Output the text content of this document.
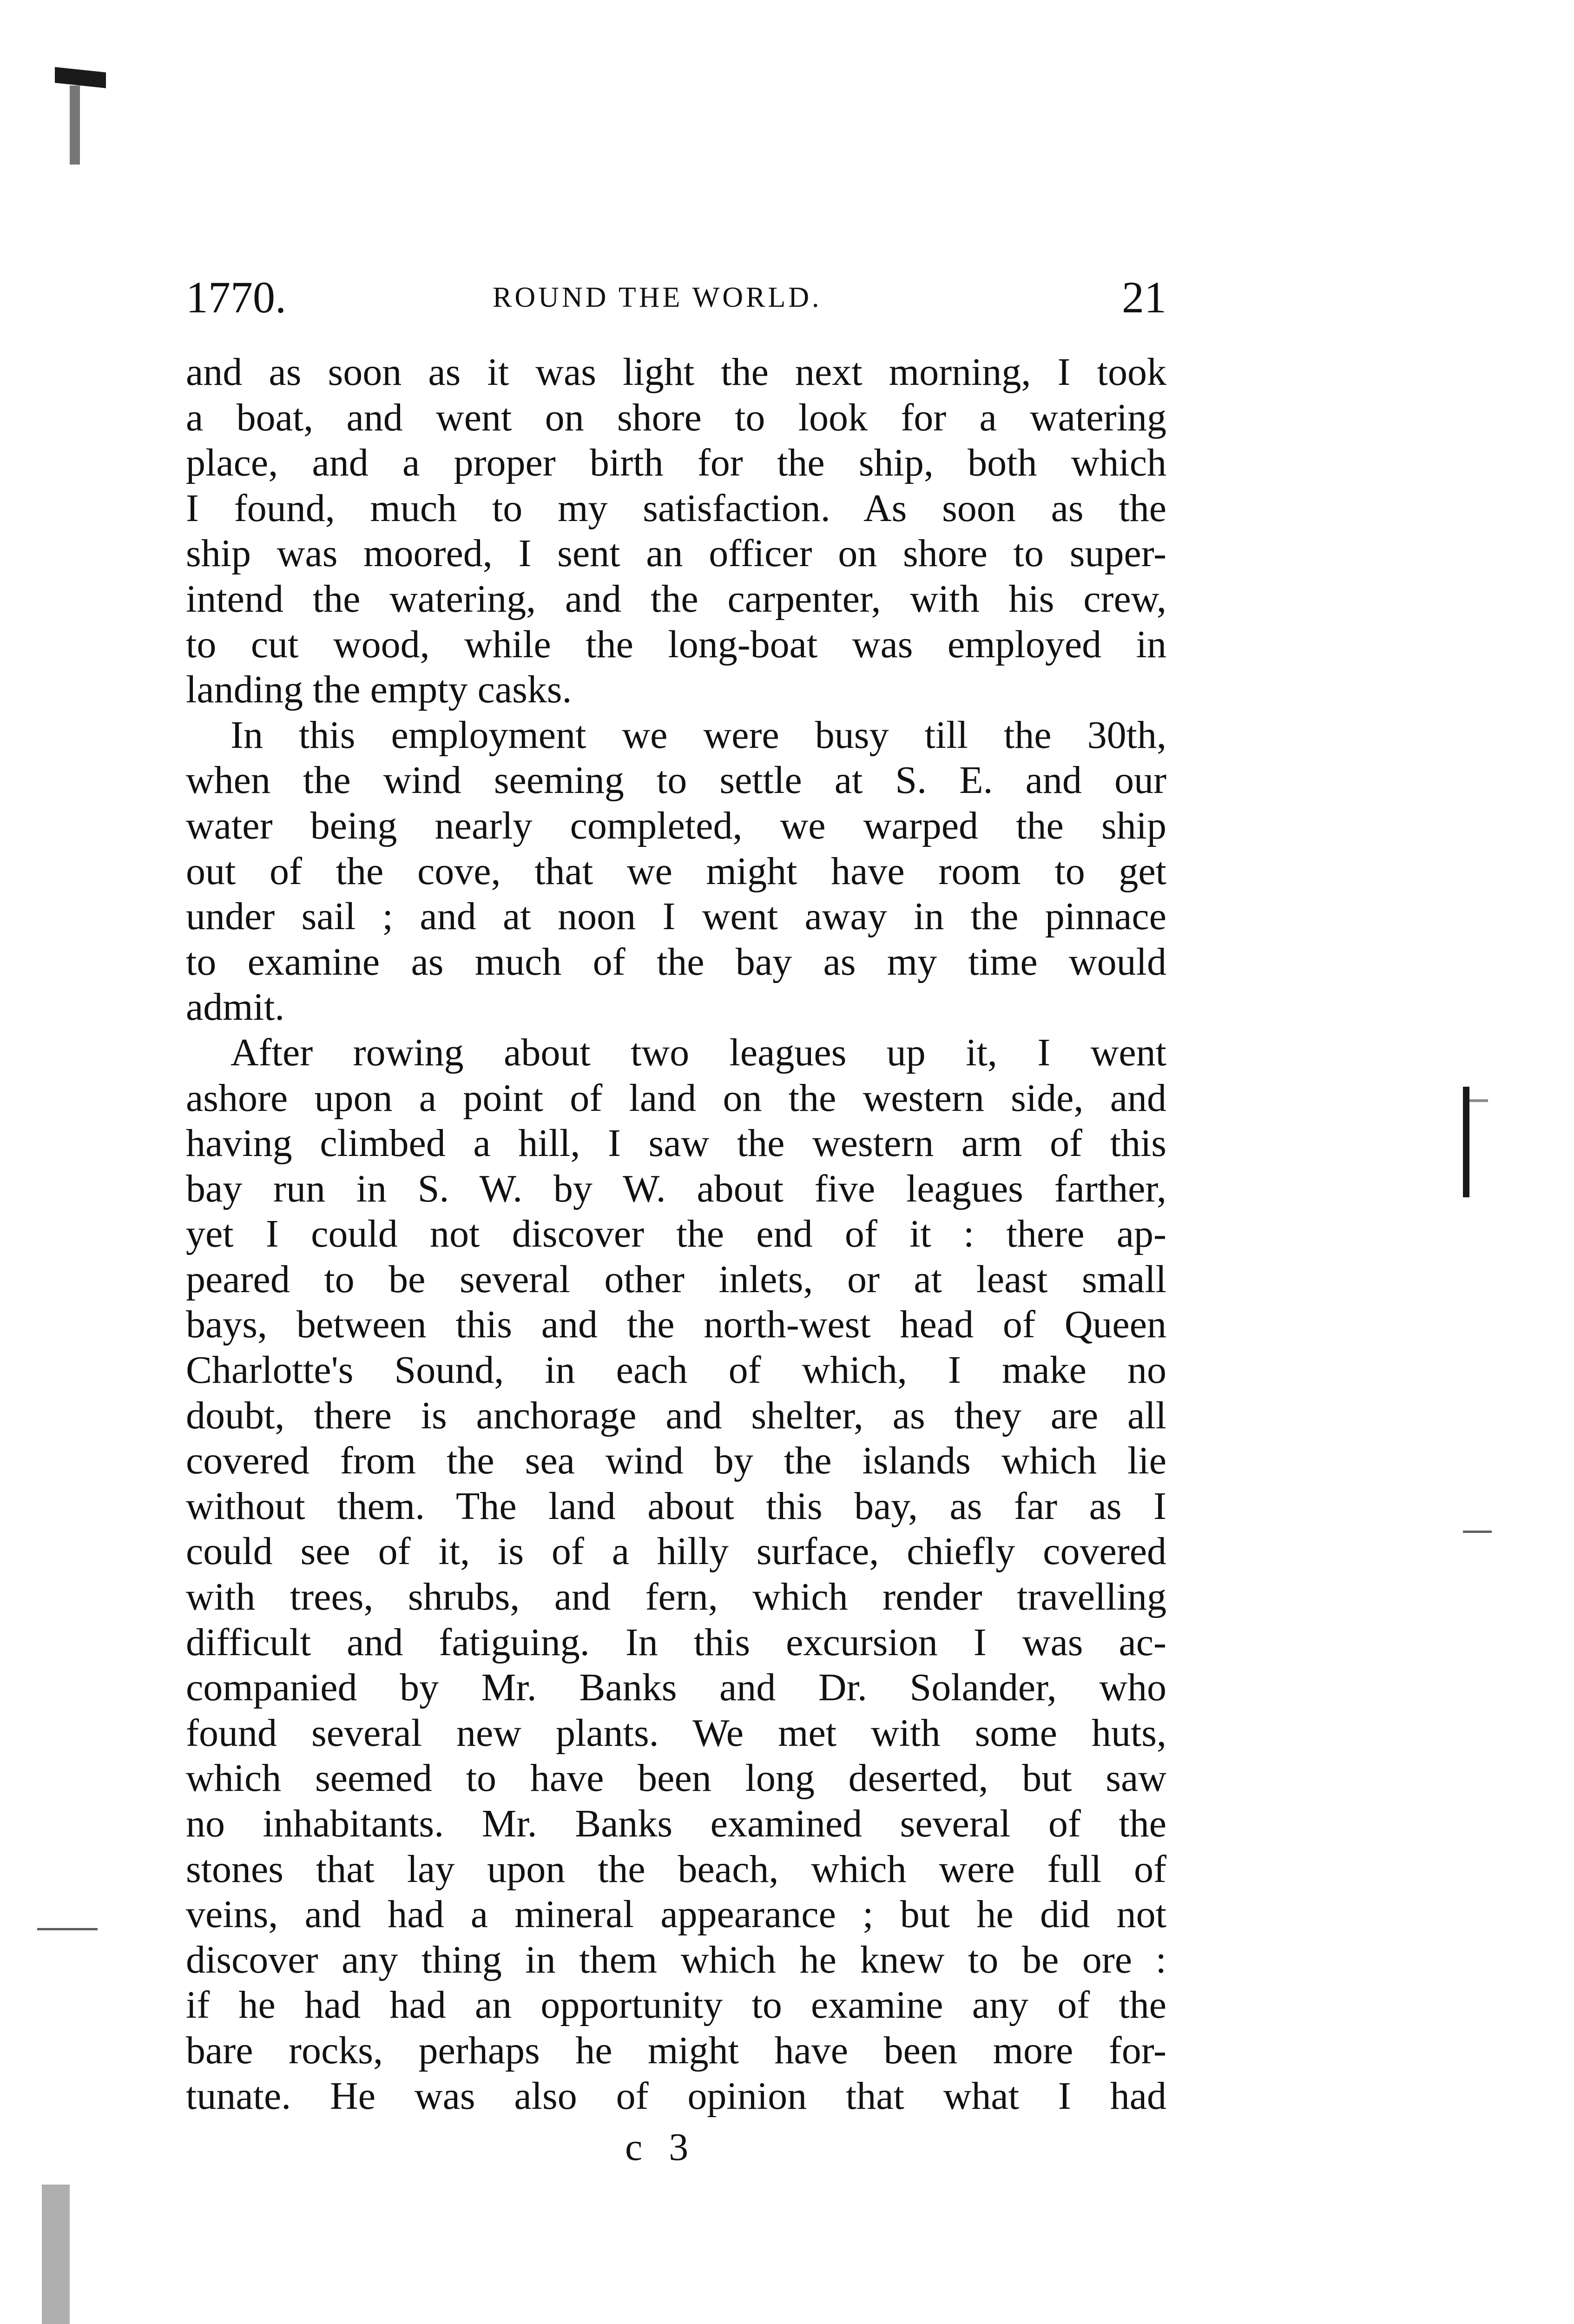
1770.	ROUND THE WORLD.	21
and as soon as it was light the next morning, I took
a boat, and went on shore to look for a watering
place, and a proper birth for the ship, both which
I found, much to my satisfaction. As soon as the
ship was moored, I sent an officer on shore to super-
intend the watering, and the carpenter, with his crew,
to cut wood, while the long-boat was employed in
landing the empty casks.
In this employment we were busy till the 30th,
when the wind seeming to settle at S. E. and our
water being nearly completed, we warped the ship
out of the cove, that we might have room to get
under sail ; and at noon I went away in the pinnace
to examine as much of the bay as my time would
admit.
After rowing about two leagues up it, I went
ashore upon a point of land on the western side, and
having climbed a hill, I saw the western arm of this
bay run in S. W. by W. about five leagues farther,
yet I could not discover the end of it : there ap-
peared to be several other inlets, or at least small
bays, between this and the north-west head of Queen
Charlotte's Sound, in each of which, I make no
doubt, there is anchorage and shelter, as they are all
covered from the sea wind by the islands which lie
without them. The land about this bay, as far as I
could see of it, is of a hilly surface, chiefly covered
with trees, shrubs, and fern, which render travelling
difficult and fatiguing. In this excursion I was ac-
companied by Mr. Banks and Dr. Solander, who
found several new plants. We met with some huts,
which seemed to have been long deserted, but saw
no inhabitants. Mr. Banks examined several of the
stones that lay upon the beach, which were full of
veins, and had a mineral appearance ; but he did not
discover any thing in them which he knew to be ore :
if he had had an opportunity to examine any of the
bare rocks, perhaps he might have been more for-
tunate. He was also of opinion that what I had
c 3
